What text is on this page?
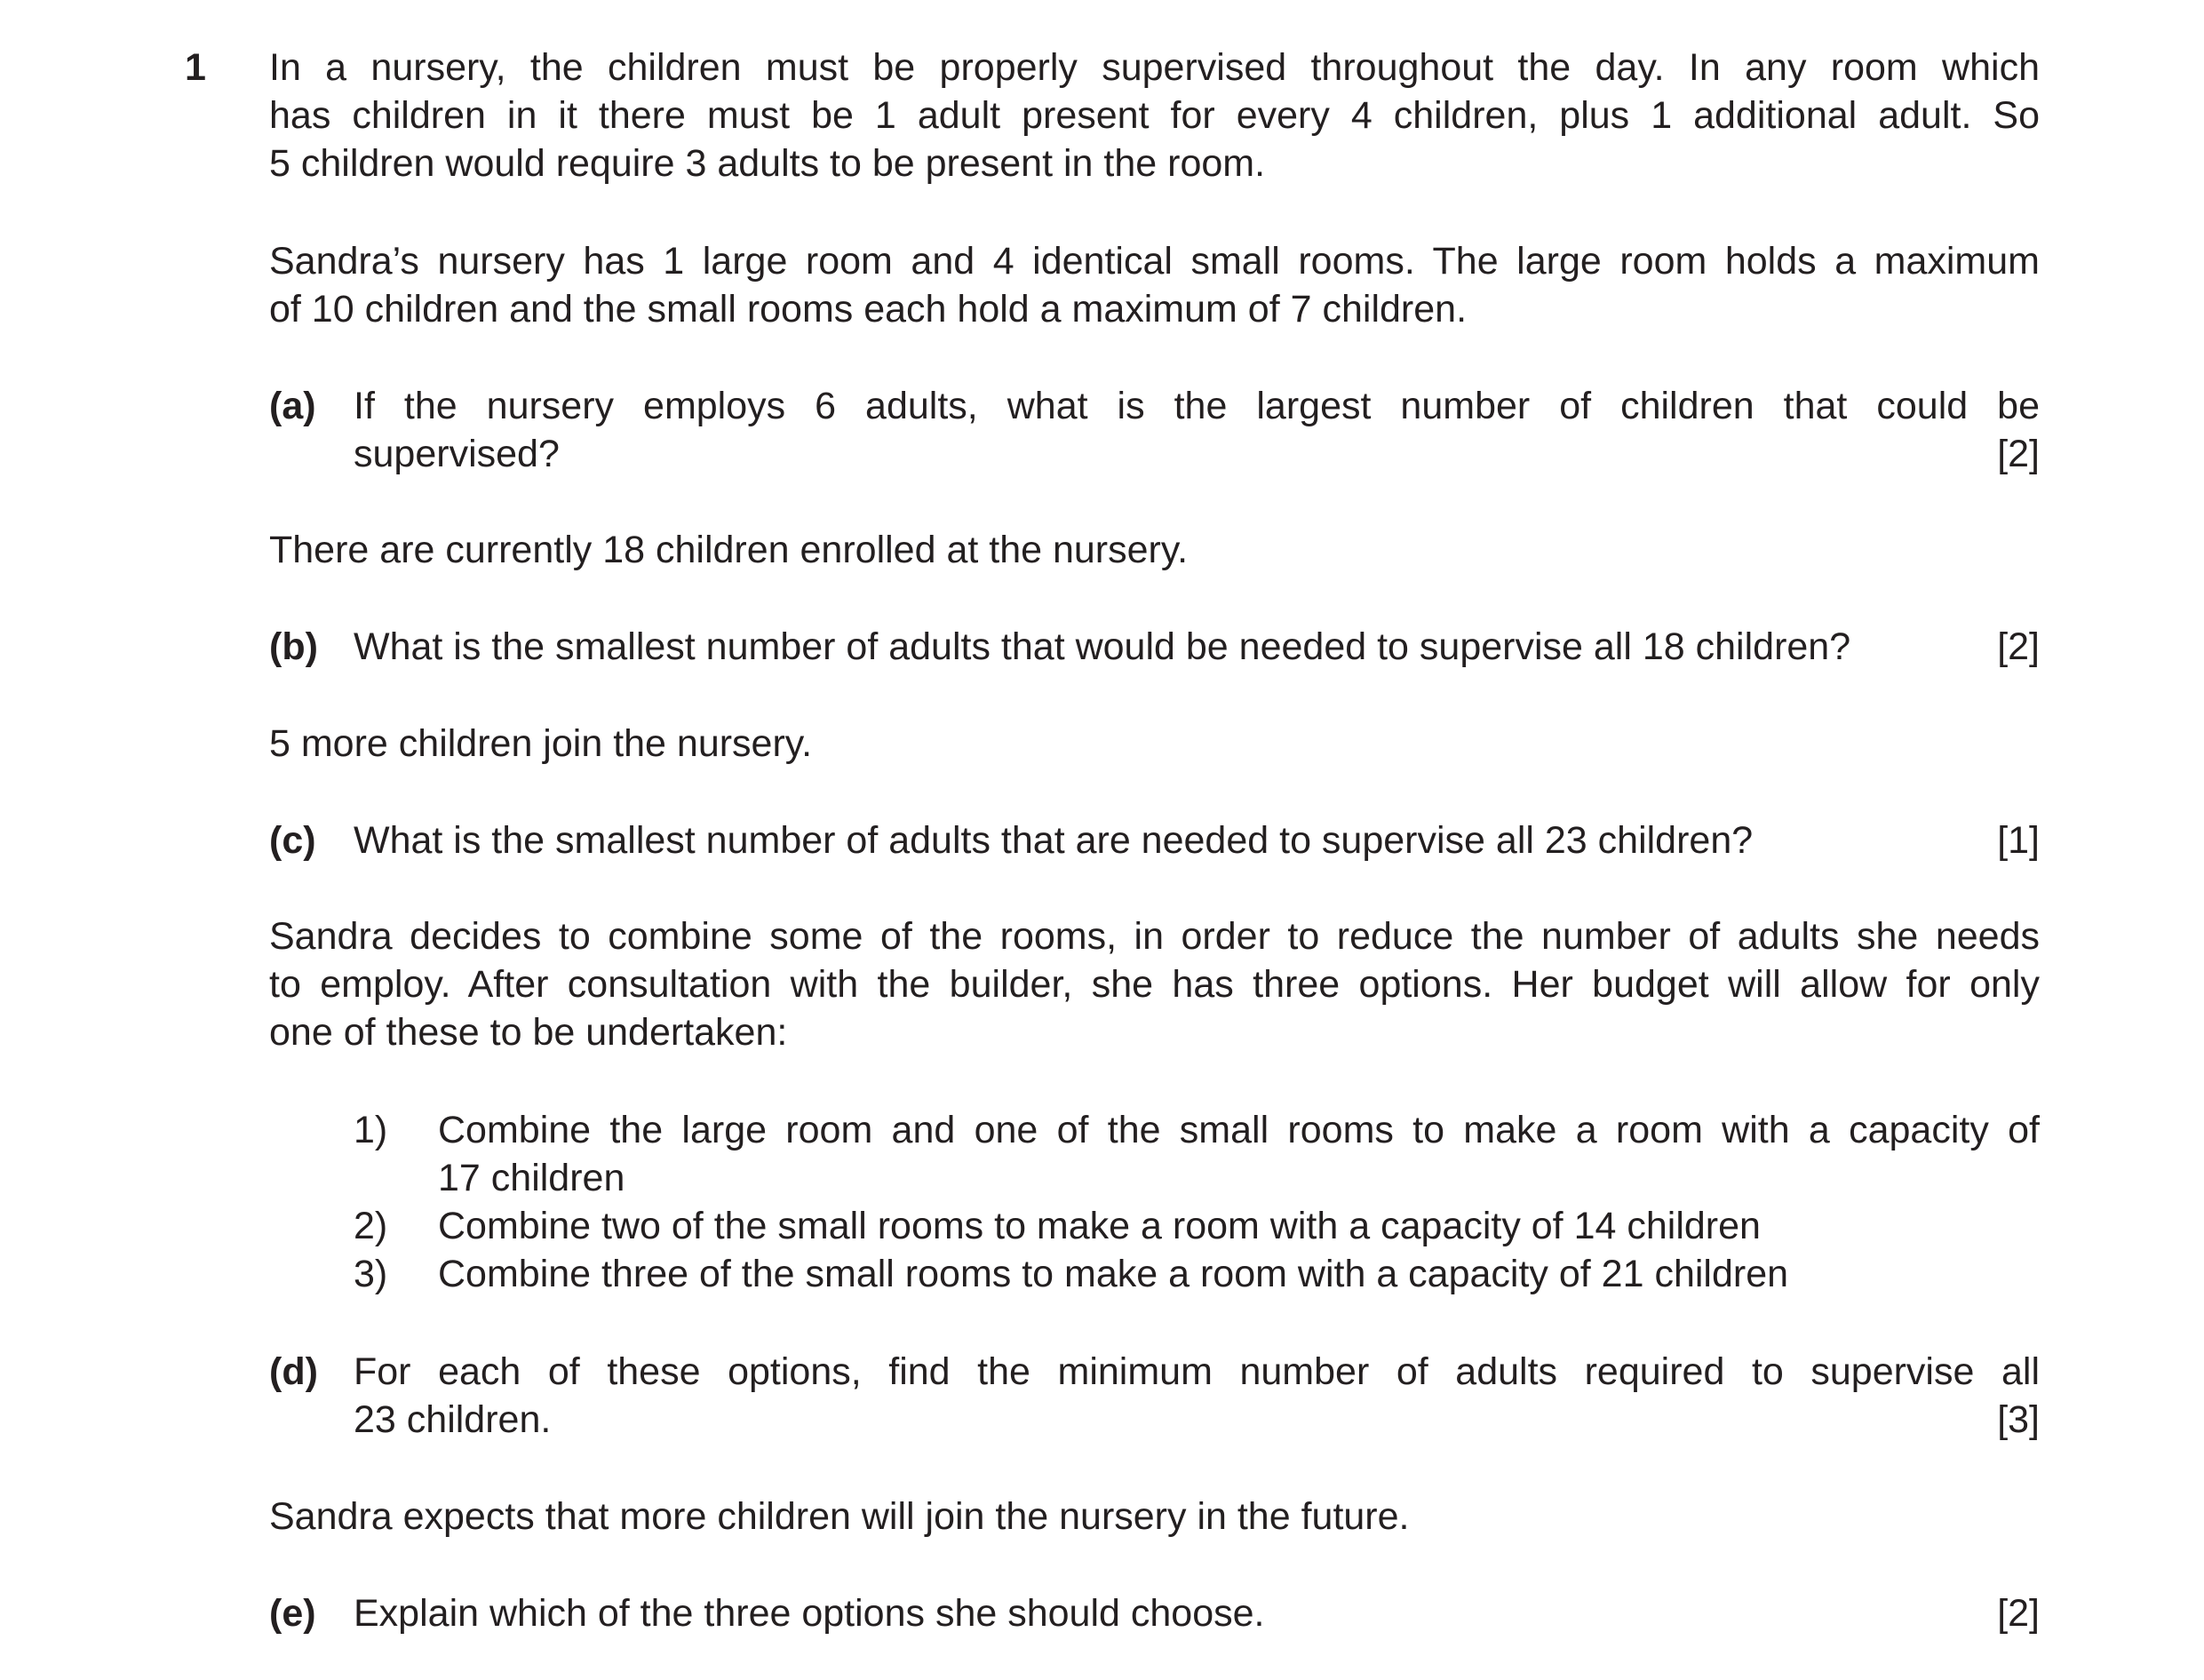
1 In a nursery, the children must be properly supervised throughout the day. In any room which
has children in it there must be 1 adult present for every 4 children, plus 1 additional adult. So
5 children would require 3 adults to be present in the room.
Sandra’s nursery has 1 large room and 4 identical small rooms. The large room holds a maximum
of 10 children and the small rooms each hold a maximum of 7 children.
(a) If the nursery employs 6 adults, what is the largest number of children that could be
supervised?	[2]
There are currently 18 children enrolled at the nursery.
(b) What is the smallest number of adults that would be needed to supervise all 18 children?	[2]
5 more children join the nursery.
(c) What is the smallest number of adults that are needed to supervise all 23 children?	[1]
Sandra decides to combine some of the rooms, in order to reduce the number of adults she needs
to employ. After consultation with the builder, she has three options. Her budget will allow for only
one of these to be undertaken:
1) Combine the large room and one of the small rooms to make a room with a capacity of
17 children
2) Combine two of the small rooms to make a room with a capacity of 14 children
3) Combine three of the small rooms to make a room with a capacity of 21 children
(d) For each of these options, find the minimum number of adults required to supervise all
23 children.	[3]
Sandra expects that more children will join the nursery in the future.
(e) Explain which of the three options she should choose.	[2]
